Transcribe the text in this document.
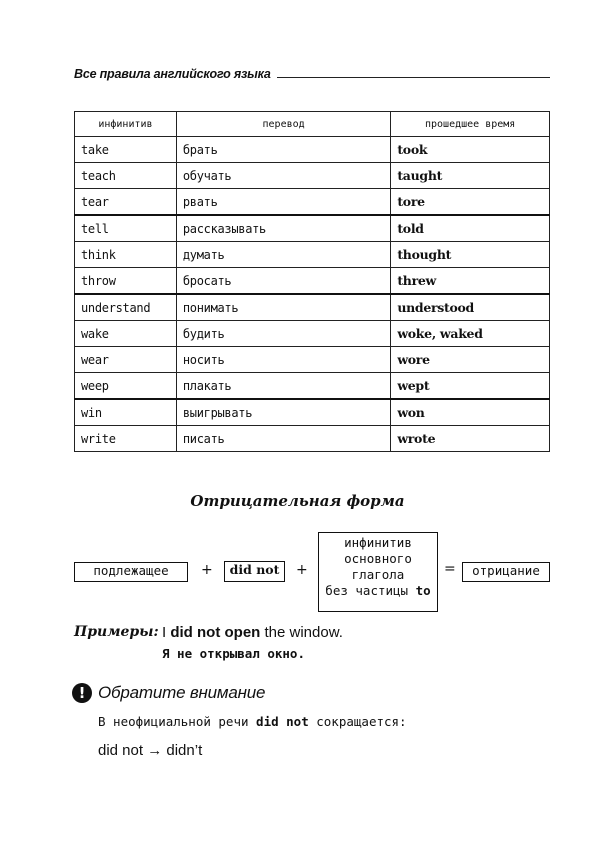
Все правила английского языка
инфинитив	перевод	прошедшее время
take	брать	took
teach	обучать	taught
tear	рвать	tore
tell	рассказывать	told
think	думать	thought
throw	бросать	threw
understand	понимать	understood
wake	будить	woke, waked
wear	носить	wore
weep	плакать	wept
win	выигрывать	won
write	писать	wrote
Отрицательная форма
подлежащее	+	did not	+
инфинитив
основного
глагола
без частицы to
=	отрицание
Примеры: I did not open the window.
Я не открывал окно.
! Обратите внимание
В неофициальной речи did not сокращается:
did not → didn’t
